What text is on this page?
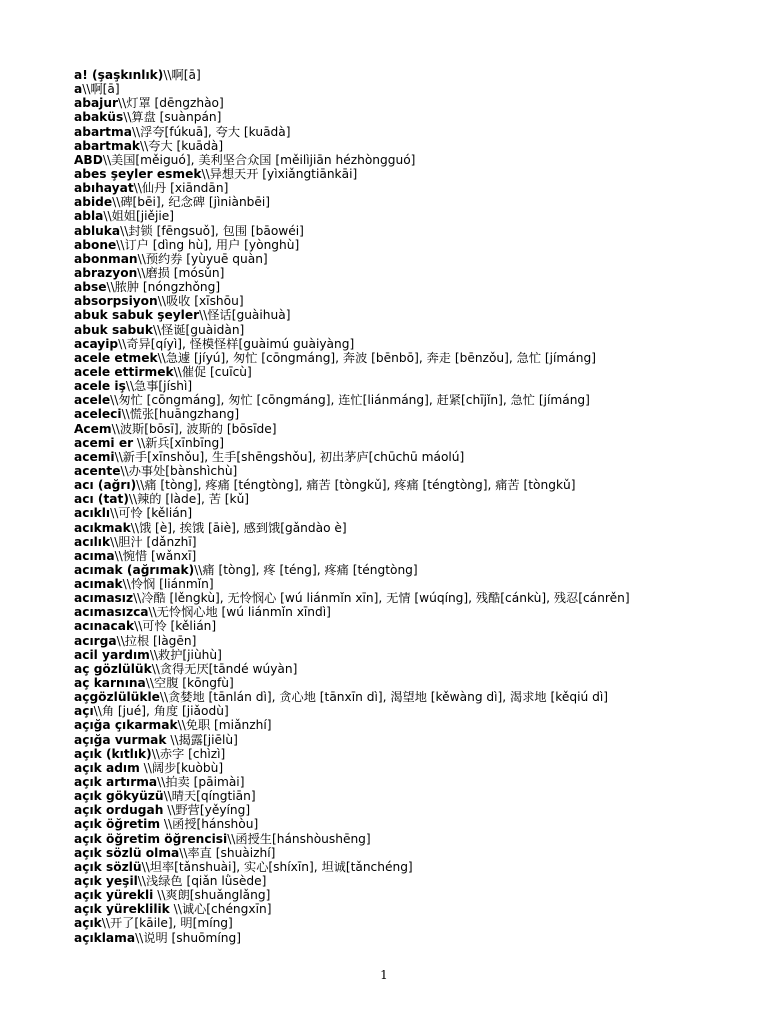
a! (şaşkınlık)\\啊[ā]
a\\啊[ā]
abajur\\灯罩 [dēngzhào]
abaküs\\算盘 [suànpán]
abartma\\浮夸[fúkuā], 夸大 [kuādà]
abartmak\\夸大 [kuādà]
ABD\\美国[měiguó], 美利坚合众国 [měilìjiān hézhòngguó]
abes şeyler esmek\\异想天开 [yìxiǎngtiānkāi]
abıhayat\\仙丹 [xiāndān]
abide\\碑[bēi], 纪念碑 [jìniànbēi]
abla\\姐姐[jiějie]
abluka\\封锁 [fēngsuǒ], 包围 [bāowéi]
abone\\订户 [dìng hù], 用户 [yònghù]
abonman\\预约券 [yùyuē quàn]
abrazyon\\磨损 [mósǔn]
abse\\脓肿 [nóngzhǒng]
absorpsiyon\\吸收 [xīshōu]
abuk sabuk şeyler\\怪话[guàihuà]
abuk sabuk\\怪诞[guàidàn]
acayip\\奇异[qíyì], 怪模怪样[guàimú guàiyàng]
acele etmek\\急遽 [jíyú], 匆忙 [cōngmáng], 奔波 [bēnbō], 奔走 [bēnzǒu], 急忙 [jímáng]
acele ettirmek\\催促 [cuīcù]
acele iş\\急事[jíshì]
acele\\匆忙 [cōngmáng], 匆忙 [cōngmáng], 连忙[liánmáng], 赶紧[chījǐn], 急忙 [jímáng]
aceleci\\慌张[huāngzhang]
Acem\\波斯[bōsī], 波斯的 [bōsīde]
acemi er \\新兵[xīnbīng]
acemi\\新手[xīnshǒu], 生手[shēngshǒu], 初出茅庐[chūchū máolú]
acente\\办事处[bànshìchù]
acı (ağrı)\\痛 [tòng], 疼痛 [téngtòng], 痛苦 [tòngkǔ], 疼痛 [téngtòng], 痛苦 [tòngkǔ]
acı (tat)\\辣的 [làde], 苦 [kǔ]
acıklı\\可怜 [kělián]
acıkmak\\饿 [è], 挨饿 [āiè], 感到饿[gǎndào è]
acılık\\胆汁 [dǎnzhī]
acıma\\惋惜 [wǎnxī]
acımak (ağrımak)\\痛 [tòng], 疼 [téng], 疼痛 [téngtòng]
acımak\\怜悯 [liánmǐn]
acımasız\\冷酷 [lěngkù], 无怜悯心 [wú liánmǐn xīn], 无情 [wúqíng], 残酷[cánkù], 残忍[cánrěn]
acımasızca\\无怜悯心地 [wú liánmǐn xīndì]
acınacak\\可怜 [kělián]
acırga\\拉根 [làgēn]
acil yardım\\救护[jiùhù]
aç gözlülük\\贪得无厌[tāndé wúyàn]
aç karnına\\空腹 [kōngfù]
açgözlülükle\\贪婪地 [tānlán dì], 贪心地 [tānxīn dì], 渴望地 [kěwàng dì], 渴求地 [kěqiú dì]
açı\\角 [jué], 角度 [jiǎodù]
açığa çıkarmak\\免职 [miǎnzhí]
açığa vurmak \\揭露[jiēlù]
açık (kıtlık)\\赤字 [chìzì]
açık adım \\阔步[kuòbù]
açık artırma\\拍卖 [pāimài]
açık gökyüzü\\晴天[qíngtiān]
açık ordugah \\野营[yěyíng]
açık öğretim \\函授[hánshòu]
açık öğretim öğrencisi\\函授生[hánshòushēng]
açık sözlü olma\\率直 [shuàizhí]
açık sözlü\\坦率[tǎnshuài], 实心[shíxīn], 坦诚[tǎnchéng]
açık yeşil\\浅绿色 [qiǎn lǜsède]
açık yürekli \\爽朗[shuǎnglǎng]
açık yüreklilik \\诚心[chéngxīn]
açık\\开了[kāile], 明[míng]
açıklama\\说明 [shuōmíng]
1
